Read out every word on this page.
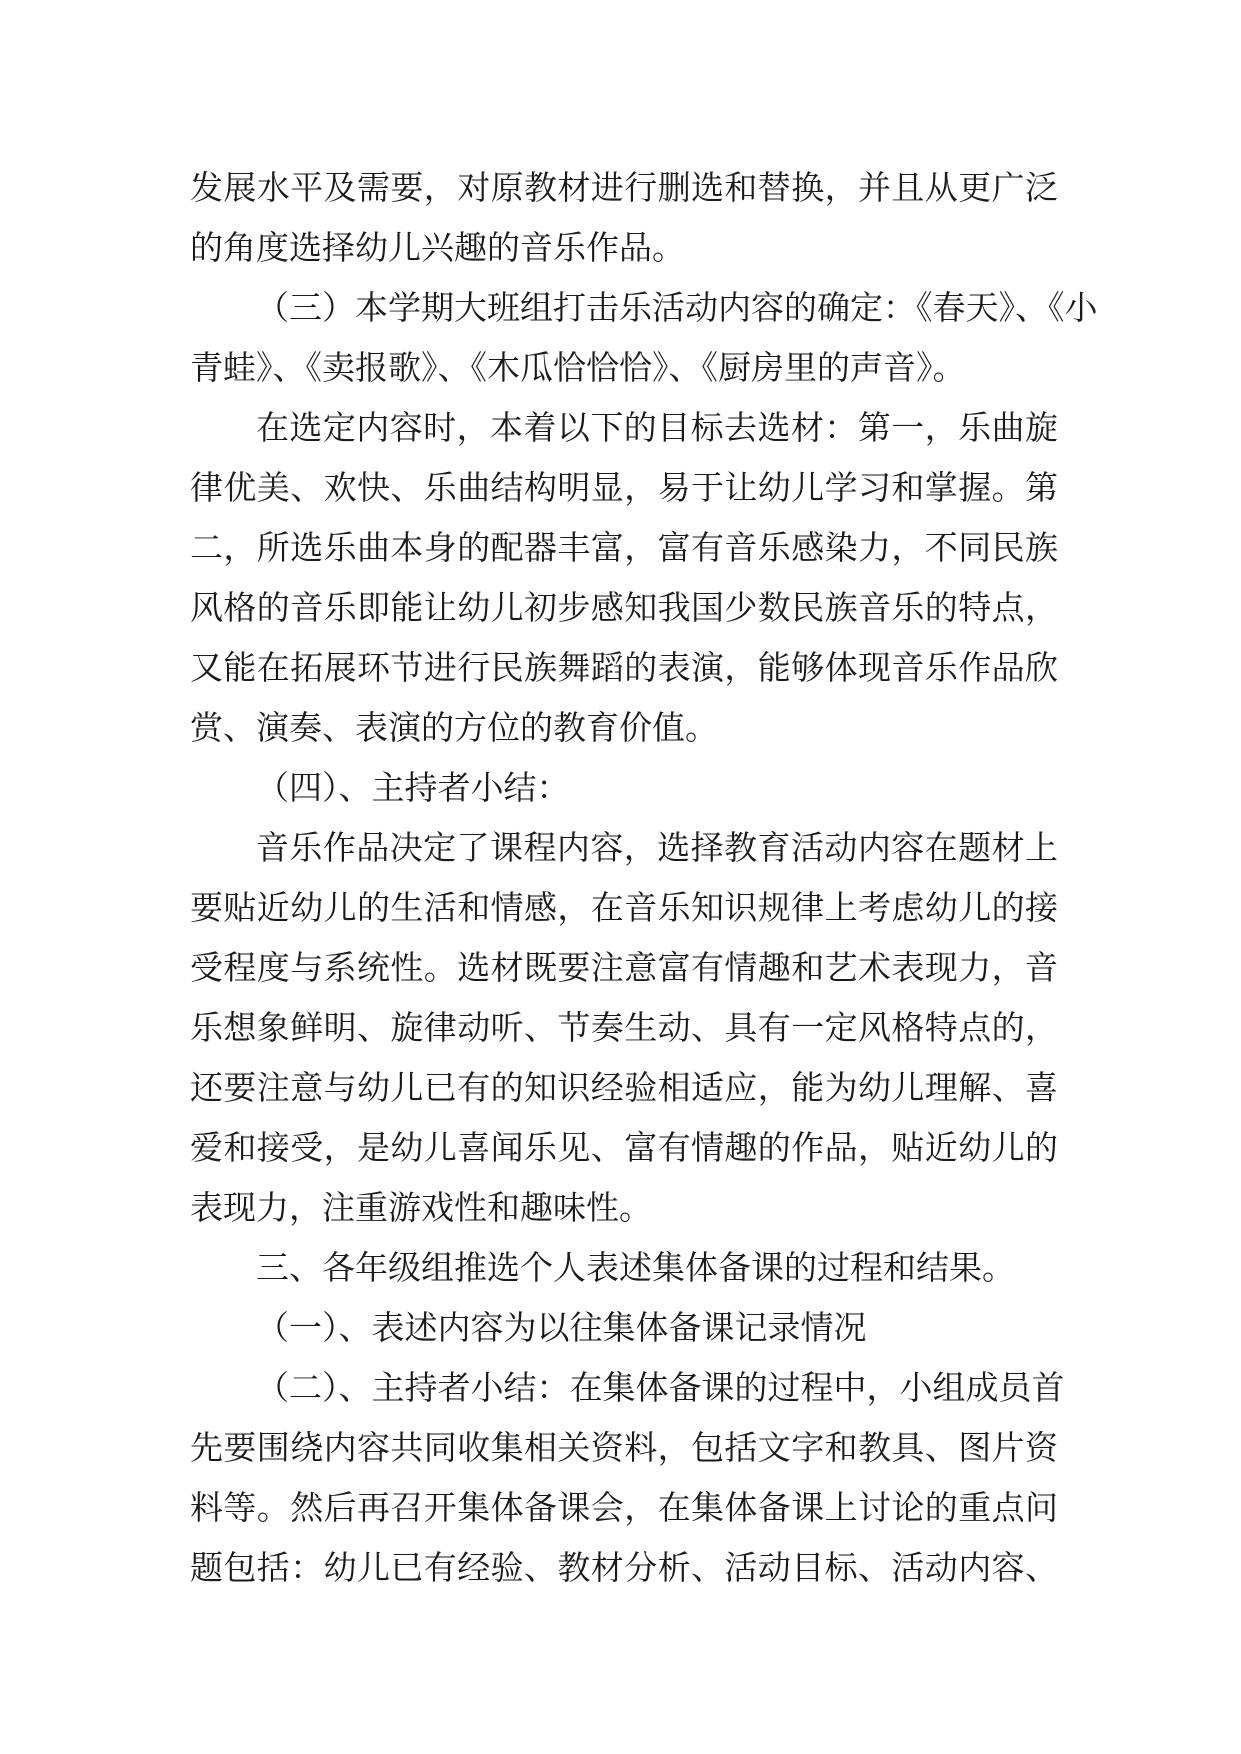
发展水平及需要，对原教材进行删选和替换，并且从更广泛
的角度选择幼儿兴趣的音乐作品。
（三）本学期大班组打击乐活动内容的确定：《春天》、《小
青蛙》、《卖报歌》、《木瓜恰恰恰》、《厨房里的声音》。
在选定内容时，本着以下的目标去选材：第一，乐曲旋
律优美、欢快、乐曲结构明显，易于让幼儿学习和掌握。第
二，所选乐曲本身的配器丰富，富有音乐感染力，不同民族
风格的音乐即能让幼儿初步感知我国少数民族音乐的特点，
又能在拓展环节进行民族舞蹈的表演，能够体现音乐作品欣
赏、演奏、表演的方位的教育价值。
（四）、主持者小结：
音乐作品决定了课程内容，选择教育活动内容在题材上
要贴近幼儿的生活和情感，在音乐知识规律上考虑幼儿的接
受程度与系统性。选材既要注意富有情趣和艺术表现力，音
乐想象鲜明、旋律动听、节奏生动、具有一定风格特点的，
还要注意与幼儿已有的知识经验相适应，能为幼儿理解、喜
爱和接受，是幼儿喜闻乐见、富有情趣的作品，贴近幼儿的
表现力，注重游戏性和趣味性。
三、各年级组推选个人表述集体备课的过程和结果。
（一）、表述内容为以往集体备课记录情况
（二）、主持者小结：在集体备课的过程中，小组成员首
先要围绕内容共同收集相关资料，包括文字和教具、图片资
料等。然后再召开集体备课会，在集体备课上讨论的重点问
题包括：幼儿已有经验、教材分析、活动目标、活动内容、
